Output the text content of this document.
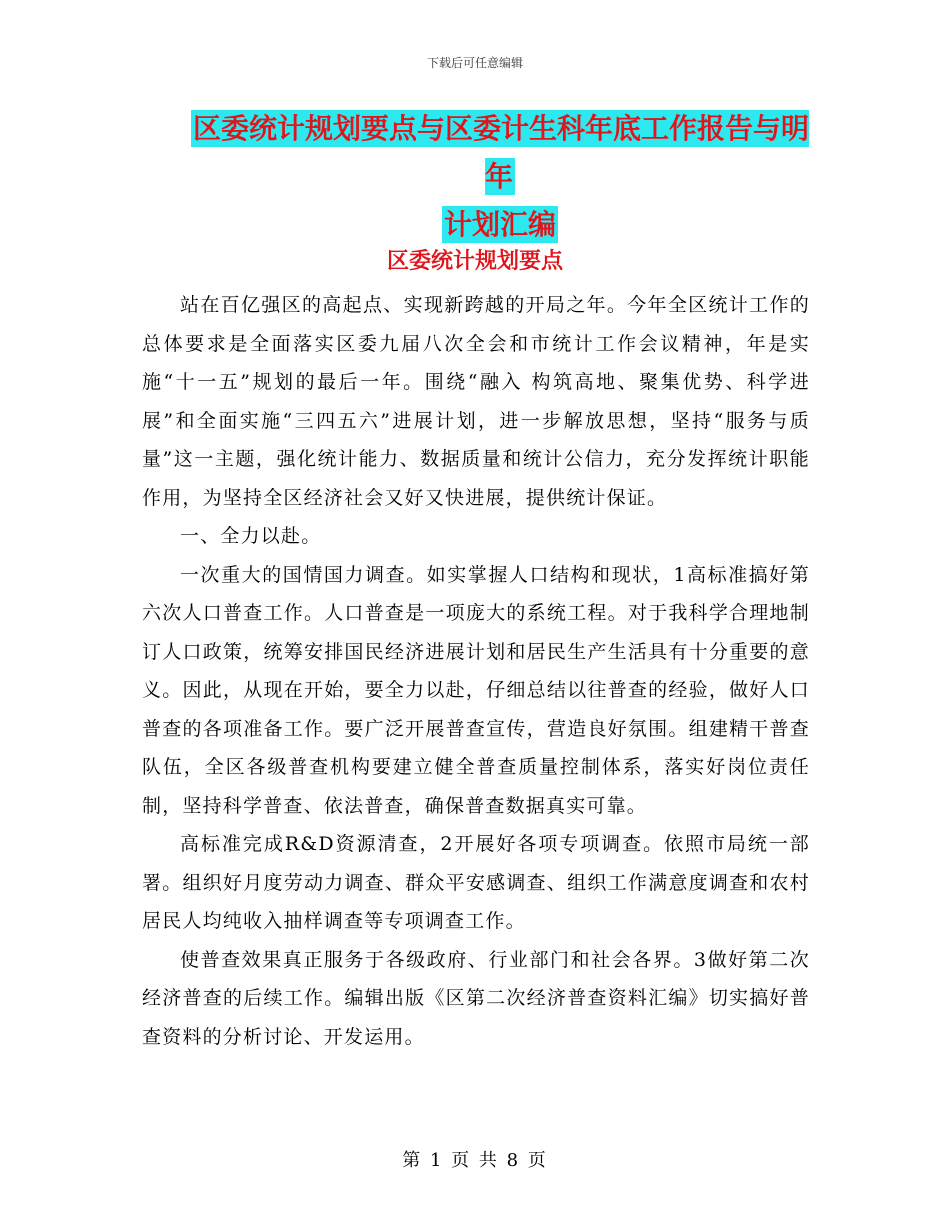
下载后可任意编辑
区委统计规划要点与区委计生科年底工作报告与明年
计划汇编
区委统计规划要点

站在百亿强区的高起点、实现新跨越的开局之年。今年全区统计工作的总体要求是全面落实区委九届八次全会和市统计工作会议精神，年是实施“十一五”规划的最后一年。围绕“融入 构筑高地、聚集优势、科学进展”和全面实施“三四五六”进展计划，进一步解放思想，坚持“服务与质量”这一主题，强化统计能力、数据质量和统计公信力，充分发挥统计职能作用，为坚持全区经济社会又好又快进展，提供统计保证。

一、全力以赴。

一次重大的国情国力调查。如实掌握人口结构和现状，1高标准搞好第六次人口普查工作。人口普查是一项庞大的系统工程。对于我科学合理地制订人口政策，统筹安排国民经济进展计划和居民生产生活具有十分重要的意义。因此，从现在开始，要全力以赴，仔细总结以往普查的经验，做好人口普查的各项准备工作。要广泛开展普查宣传，营造良好氛围。组建精干普查队伍，全区各级普查机构要建立健全普查质量控制体系，落实好岗位责任制，坚持科学普查、依法普查，确保普查数据真实可靠。

高标准完成R&D资源清查，2开展好各项专项调查。依照市局统一部署。组织好月度劳动力调查、群众平安感调查、组织工作满意度调查和农村居民人均纯收入抽样调查等专项调查工作。

使普查效果真正服务于各级政府、行业部门和社会各界。3做好第二次经济普查的后续工作。编辑出版《区第二次经济普查资料汇编》切实搞好普查资料的分析讨论、开发运用。

第 1 页 共 8 页
